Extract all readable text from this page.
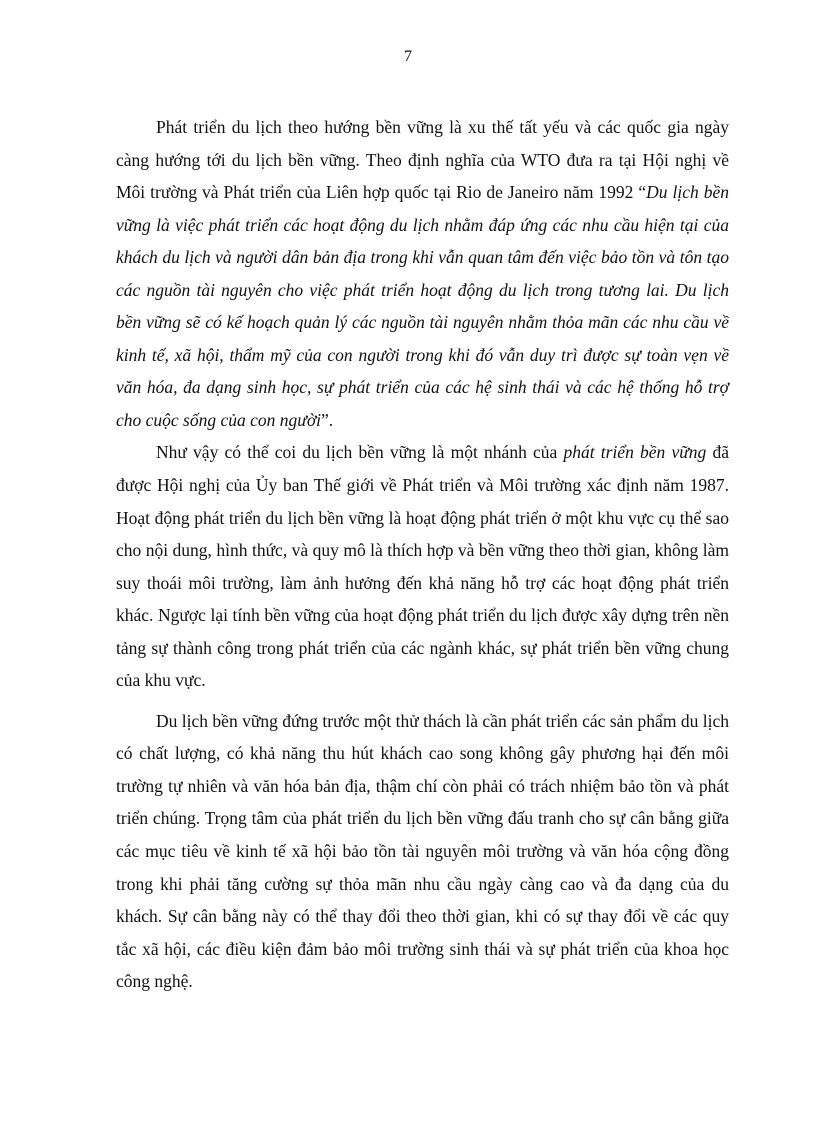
7

Phát triển du lịch theo hướng bền vững là xu thế tất yếu và các quốc gia ngày càng hướng tới du lịch bền vững. Theo định nghĩa của WTO đưa ra tại Hội nghị về Môi trường và Phát triển của Liên hợp quốc tại Rio de Janeiro năm 1992 “Du lịch bền vững là việc phát triển các hoạt động du lịch nhằm đáp ứng các nhu cầu hiện tại của khách du lịch và người dân bản địa trong khi vẫn quan tâm đến việc bảo tồn và tôn tạo các nguồn tài nguyên cho việc phát triển hoạt động du lịch trong tương lai. Du lịch bền vững sẽ có kế hoạch quản lý các nguồn tài nguyên nhằm thỏa mãn các nhu cầu về kinh tế, xã hội, thẩm mỹ của con người trong khi đó vẫn duy trì được sự toàn vẹn về văn hóa, đa dạng sinh học, sự phát triển của các hệ sinh thái và các hệ thống hỗ trợ cho cuộc sống của con người”.

Như vậy có thể coi du lịch bền vững là một nhánh của phát triển bền vững đã được Hội nghị của Ủy ban Thế giới về Phát triển và Môi trường xác định năm 1987. Hoạt động phát triển du lịch bền vững là hoạt động phát triển ở một khu vực cụ thể sao cho nội dung, hình thức, và quy mô là thích hợp và bền vững theo thời gian, không làm suy thoái môi trường, làm ảnh hưởng đến khả năng hỗ trợ các hoạt động phát triển khác. Ngược lại tính bền vững của hoạt động phát triển du lịch được xây dựng trên nền tảng sự thành công trong phát triển của các ngành khác, sự phát triển bền vững chung của khu vực.

Du lịch bền vững đứng trước một thử thách là cần phát triển các sản phẩm du lịch có chất lượng, có khả năng thu hút khách cao song không gây phương hại đến môi trường tự nhiên và văn hóa bản địa, thậm chí còn phải có trách nhiệm bảo tồn và phát triển chúng. Trọng tâm của phát triển du lịch bền vững đấu tranh cho sự cân bằng giữa các mục tiêu về kinh tế xã hội bảo tồn tài nguyên môi trường và văn hóa cộng đồng trong khi phải tăng cường sự thỏa mãn nhu cầu ngày càng cao và đa dạng của du khách. Sự cân bằng này có thể thay đổi theo thời gian, khi có sự thay đổi về các quy tắc xã hội, các điều kiện đảm bảo môi trường sinh thái và sự phát triển của khoa học công nghệ.
